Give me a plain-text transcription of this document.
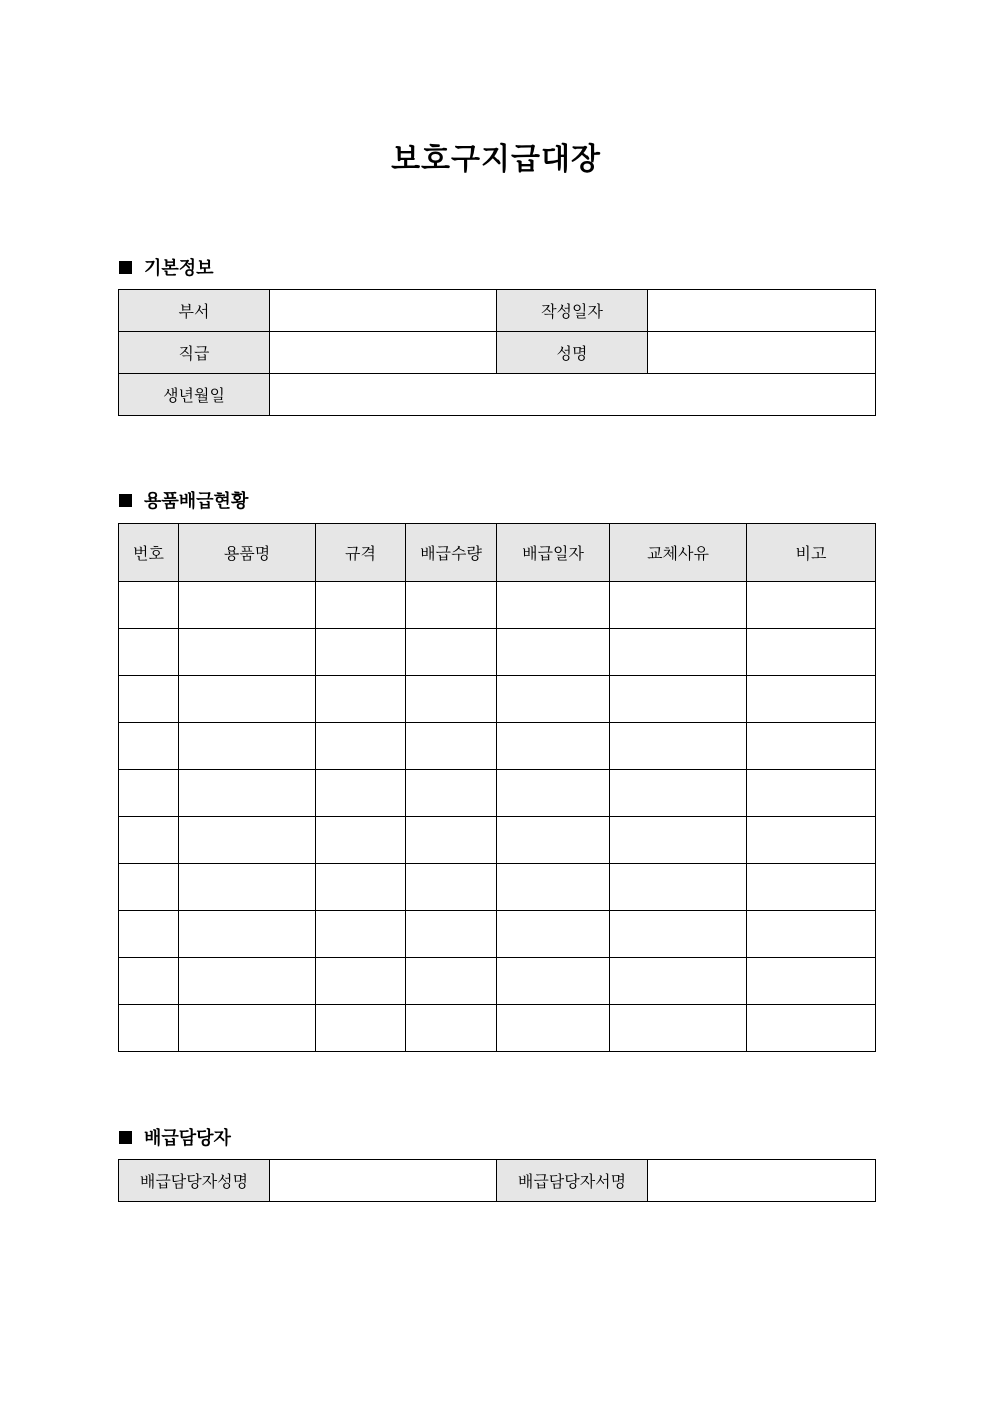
보호구지급대장
기본정보
부서		작성일자	
직급		성명	
생년월일			
용품배급현황
번호	용품명	규격	배급수량	배급일자	교체사유	비고

배급담당자
배급담당자성명		배급담당자서명	
